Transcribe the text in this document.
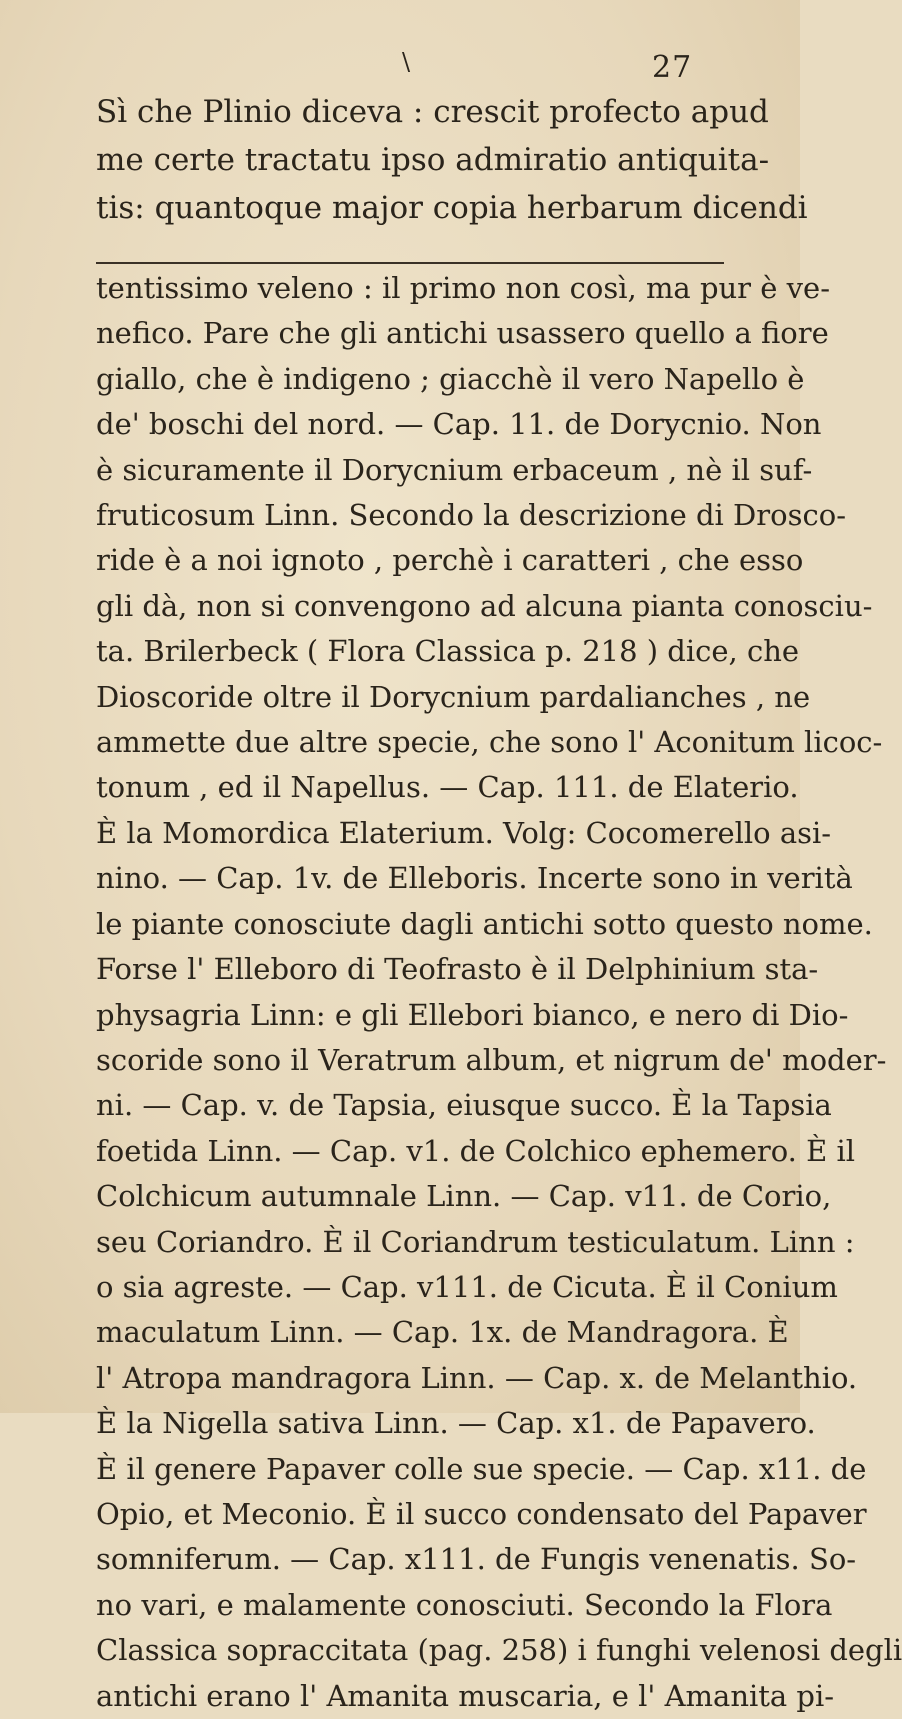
\	27
Sì che Plinio diceva : crescit profecto apud
me certe tractatu ipso admiratio antiquita-
tis: quantoque major copia herbarum dicendi
tentissimo veleno : il primo non così, ma pur è ve-
nefico. Pare che gli antichi usassero quello a fiore
giallo, che è indigeno ; giacchè il vero Napello è
de' boschi del nord. — Cap. 11. de Dorycnio. Non
è sicuramente il Dorycnium erbaceum , nè il suf-
fruticosum Linn. Secondo la descrizione di Drosco-
ride è a noi ignoto , perchè i caratteri , che esso
gli dà, non si convengono ad alcuna pianta conosciu-
ta. Brilerbeck ( Flora Classica p. 218 ) dice, che
Dioscoride oltre il Dorycnium pardalianches , ne
ammette due altre specie, che sono l' Aconitum licoc-
tonum , ed il Napellus. — Cap. 111. de Elaterio.
È la Momordica Elaterium. Volg: Cocomerello asi-
nino. — Cap. 1v. de Elleboris. Incerte sono in verità
le piante conosciute dagli antichi sotto questo nome.
Forse l' Elleboro di Teofrasto è il Delphinium sta-
physagria Linn: e gli Ellebori bianco, e nero di Dio-
scoride sono il Veratrum album, et nigrum de' moder-
ni. — Cap. v. de Tapsia, eiusque succo. È la Tapsia
foetida Linn. — Cap. v1. de Colchico ephemero. È il
Colchicum autumnale Linn. — Cap. v11. de Corio,
seu Coriandro. È il Coriandrum testiculatum. Linn :
o sia agreste. — Cap. v111. de Cicuta. È il Conium
maculatum Linn. — Cap. 1x. de Mandragora. È
l' Atropa mandragora Linn. — Cap. x. de Melanthio.
È la Nigella sativa Linn. — Cap. x1. de Papavero.
È il genere Papaver colle sue specie. — Cap. x11. de
Opio, et Meconio. È il succo condensato del Papaver
somniferum. — Cap. x111. de Fungis venenatis. So-
no vari, e malamente conosciuti. Secondo la Flora
Classica sopraccitata (pag. 258) i funghi velenosi degli
antichi erano l' Amanita muscaria, e l' Amanita pi-
